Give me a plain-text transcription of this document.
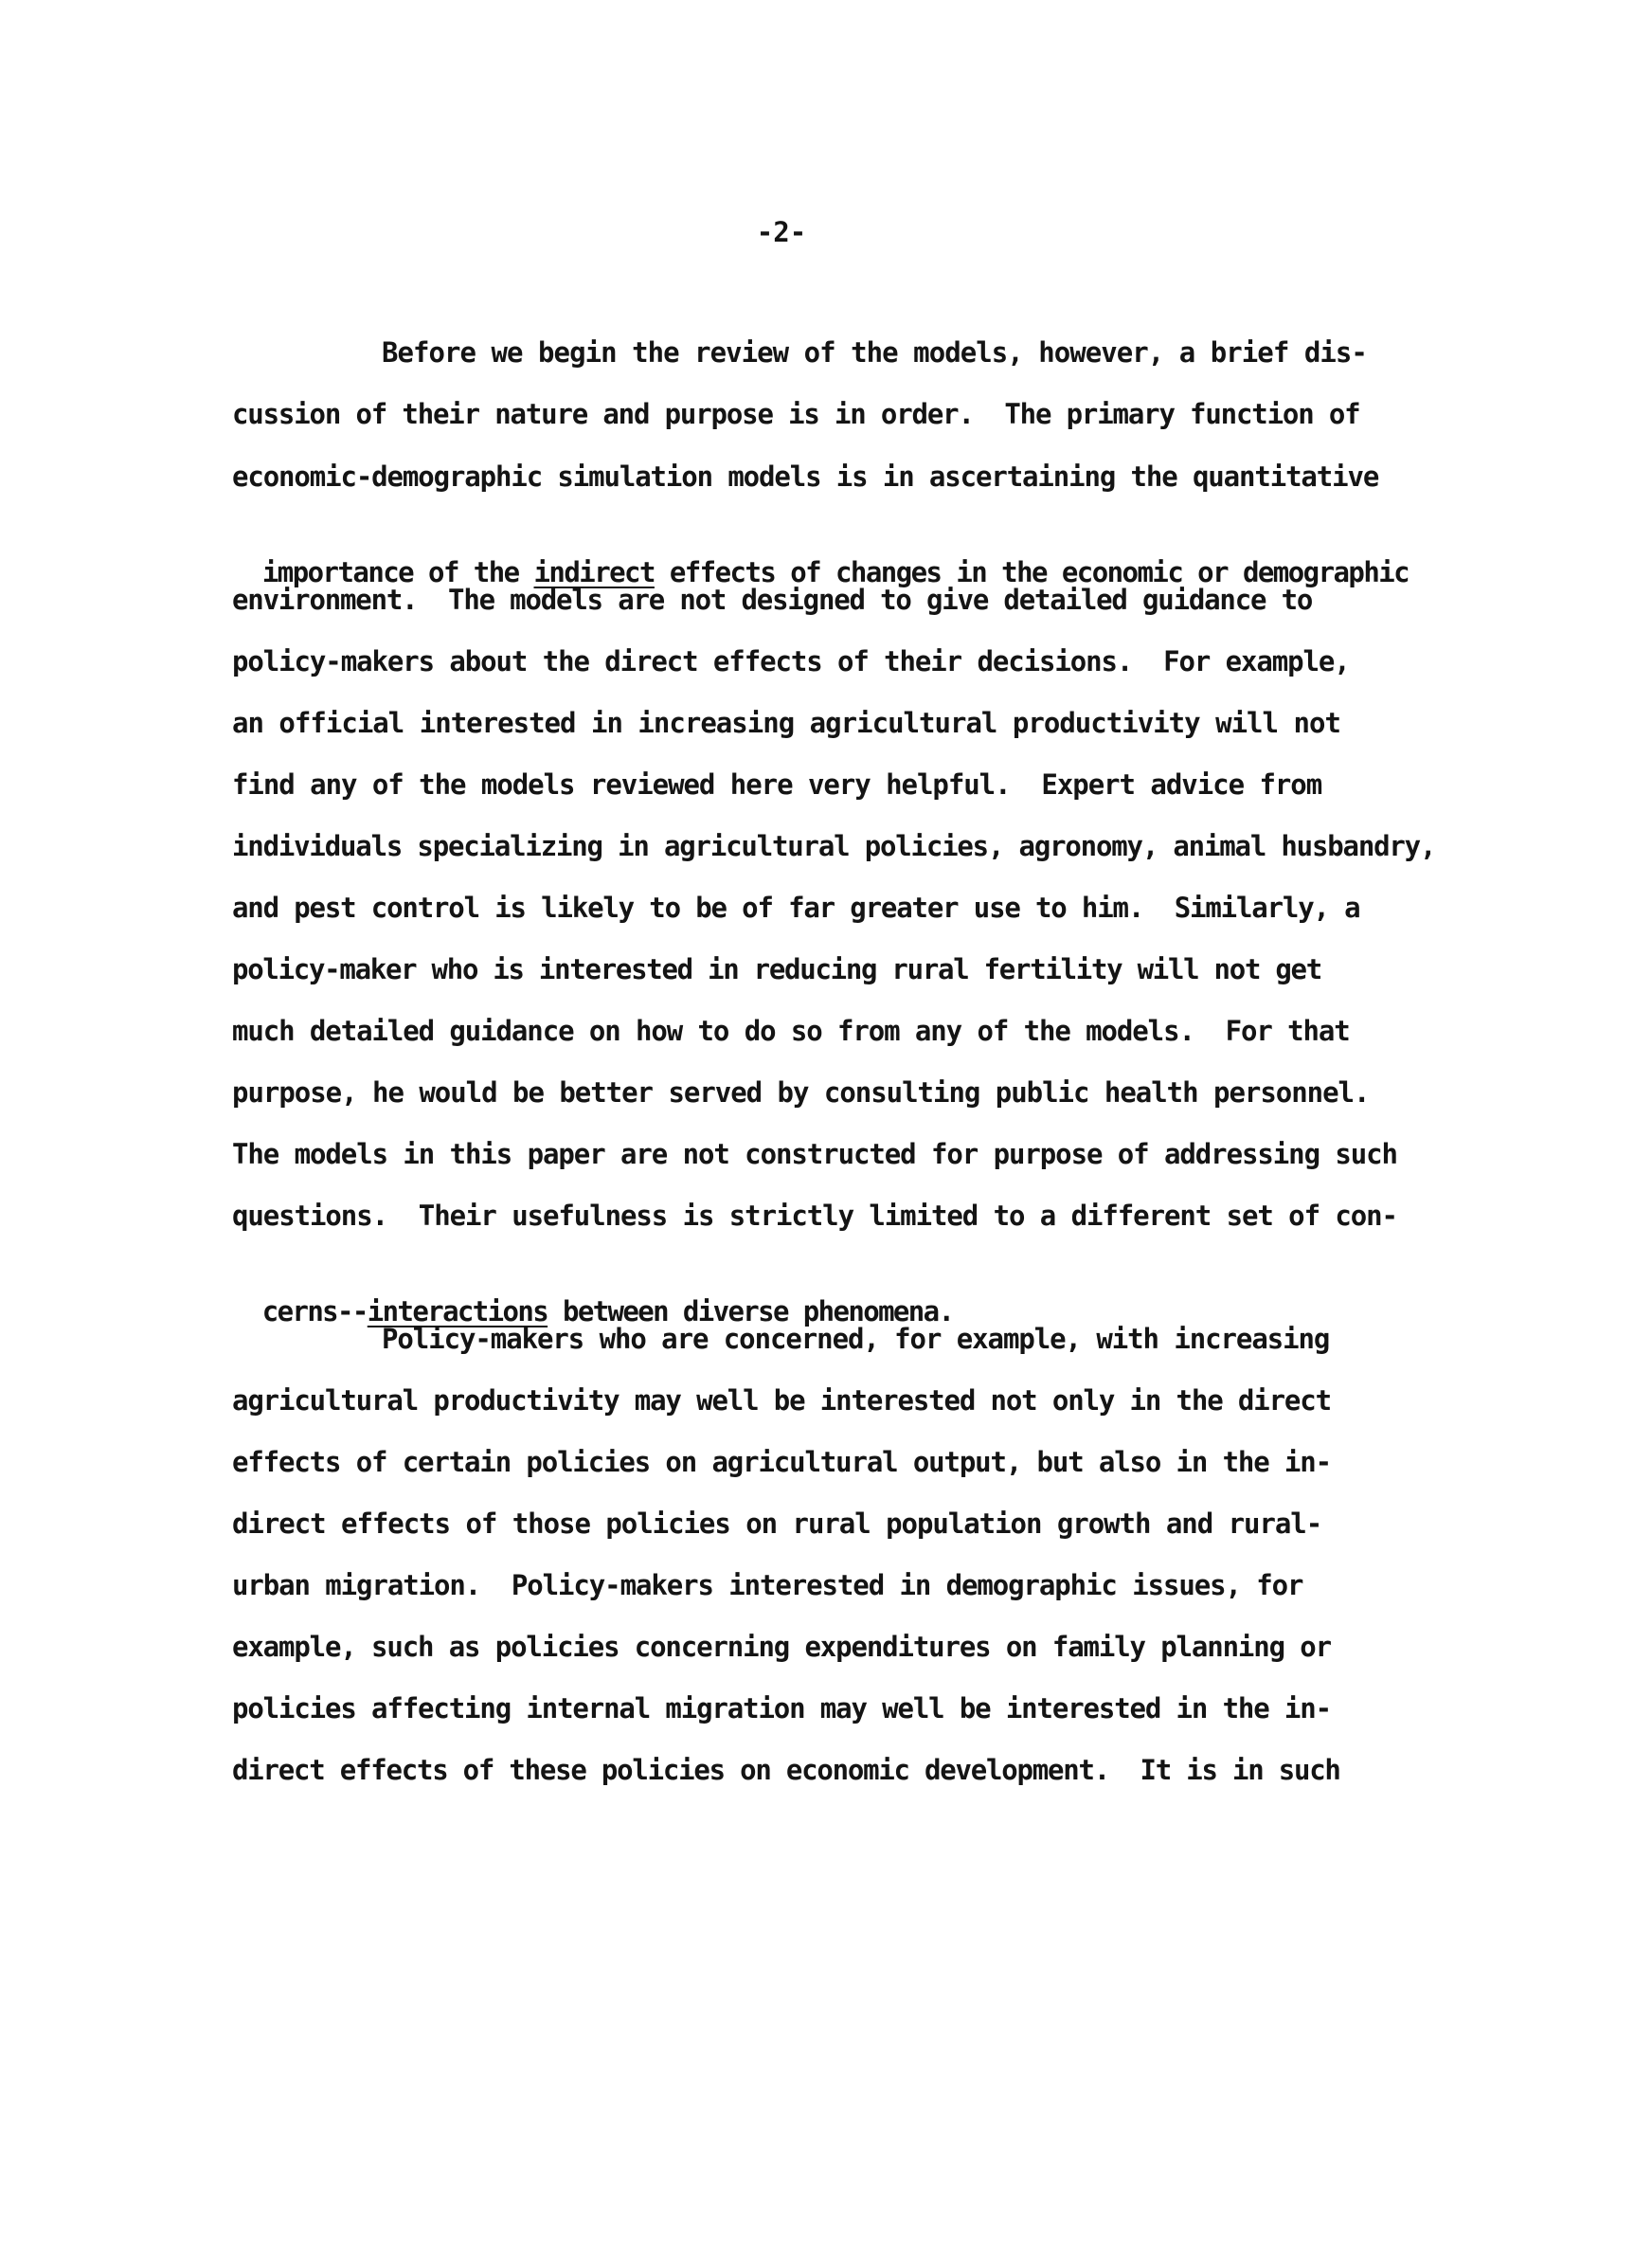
-2-
Before we begin the review of the models, however, a brief dis-
cussion of their nature and purpose is in order.  The primary function of
economic-demographic simulation models is in ascertaining the quantitative

importance of the indirect effects of changes in the economic or demographic

environment.  The models are not designed to give detailed guidance to
policy-makers about the direct effects of their decisions.  For example,
an official interested in increasing agricultural productivity will not
find any of the models reviewed here very helpful.  Expert advice from
individuals specializing in agricultural policies, agronomy, animal husbandry,
and pest control is likely to be of far greater use to him.  Similarly, a
policy-maker who is interested in reducing rural fertility will not get
much detailed guidance on how to do so from any of the models.  For that
purpose, he would be better served by consulting public health personnel.
The models in this paper are not constructed for purpose of addressing such
questions.  Their usefulness is strictly limited to a different set of con-

cerns--interactions between diverse phenomena.

Policy-makers who are concerned, for example, with increasing
agricultural productivity may well be interested not only in the direct
effects of certain policies on agricultural output, but also in the in-
direct effects of those policies on rural population growth and rural-
urban migration.  Policy-makers interested in demographic issues, for
example, such as policies concerning expenditures on family planning or
policies affecting internal migration may well be interested in the in-
direct effects of these policies on economic development.  It is in such
